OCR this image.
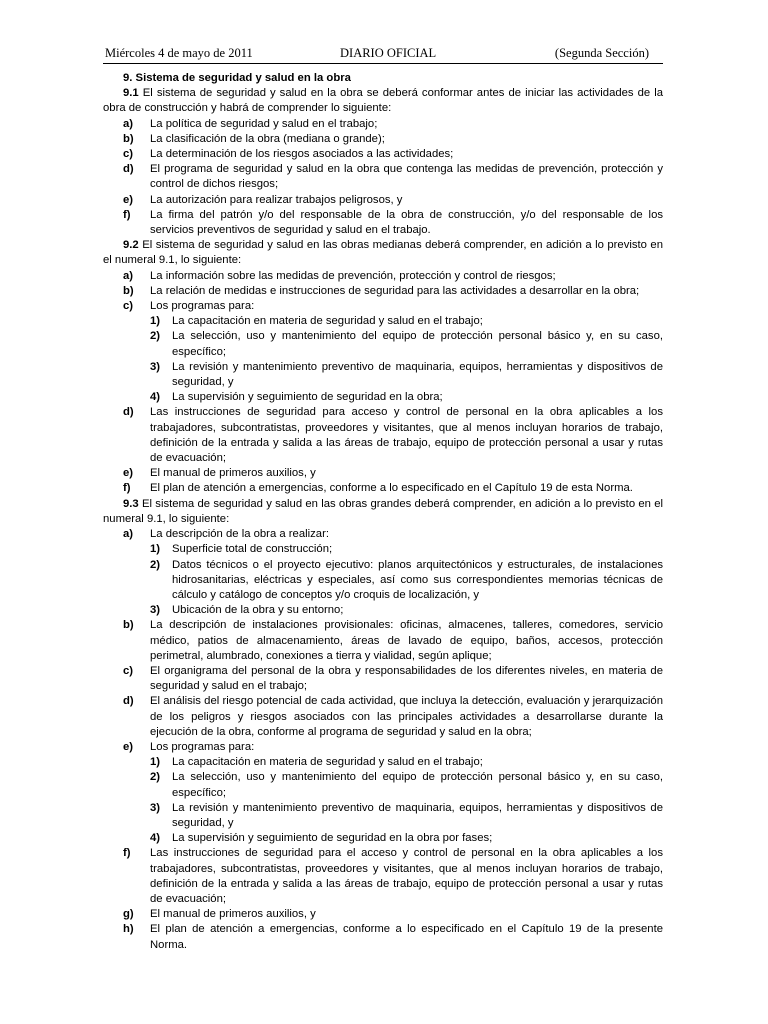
Miércoles 4 de mayo de 2011	DIARIO OFICIAL	(Segunda Sección)
9. Sistema de seguridad y salud en la obra
9.1 El sistema de seguridad y salud en la obra se deberá conformar antes de iniciar las actividades de la obra de construcción y habrá de comprender lo siguiente:
a) La política de seguridad y salud en el trabajo;
b) La clasificación de la obra (mediana o grande);
c) La determinación de los riesgos asociados a las actividades;
d) El programa de seguridad y salud en la obra que contenga las medidas de prevención, protección y control de dichos riesgos;
e) La autorización para realizar trabajos peligrosos, y
f) La firma del patrón y/o del responsable de la obra de construcción, y/o del responsable de los servicios preventivos de seguridad y salud en el trabajo.
9.2 El sistema de seguridad y salud en las obras medianas deberá comprender, en adición a lo previsto en el numeral 9.1, lo siguiente:
a) La información sobre las medidas de prevención, protección y control de riesgos;
b) La relación de medidas e instrucciones de seguridad para las actividades a desarrollar en la obra;
c) Los programas para:
1) La capacitación en materia de seguridad y salud en el trabajo;
2) La selección, uso y mantenimiento del equipo de protección personal básico y, en su caso, específico;
3) La revisión y mantenimiento preventivo de maquinaria, equipos, herramientas y dispositivos de seguridad, y
4) La supervisión y seguimiento de seguridad en la obra;
d) Las instrucciones de seguridad para acceso y control de personal en la obra aplicables a los trabajadores, subcontratistas, proveedores y visitantes, que al menos incluyan horarios de trabajo, definición de la entrada y salida a las áreas de trabajo, equipo de protección personal a usar y rutas de evacuación;
e) El manual de primeros auxilios, y
f) El plan de atención a emergencias, conforme a lo especificado en el Capítulo 19 de esta Norma.
9.3 El sistema de seguridad y salud en las obras grandes deberá comprender, en adición a lo previsto en el numeral 9.1, lo siguiente:
a) La descripción de la obra a realizar:
1) Superficie total de construcción;
2) Datos técnicos o el proyecto ejecutivo: planos arquitectónicos y estructurales, de instalaciones hidrosanitarias, eléctricas y especiales, así como sus correspondientes memorias técnicas de cálculo y catálogo de conceptos y/o croquis de localización, y
3) Ubicación de la obra y su entorno;
b) La descripción de instalaciones provisionales: oficinas, almacenes, talleres, comedores, servicio médico, patios de almacenamiento, áreas de lavado de equipo, baños, accesos, protección perimetral, alumbrado, conexiones a tierra y vialidad, según aplique;
c) El organigrama del personal de la obra y responsabilidades de los diferentes niveles, en materia de seguridad y salud en el trabajo;
d) El análisis del riesgo potencial de cada actividad, que incluya la detección, evaluación y jerarquización de los peligros y riesgos asociados con las principales actividades a desarrollarse durante la ejecución de la obra, conforme al programa de seguridad y salud en la obra;
e) Los programas para:
1) La capacitación en materia de seguridad y salud en el trabajo;
2) La selección, uso y mantenimiento del equipo de protección personal básico y, en su caso, específico;
3) La revisión y mantenimiento preventivo de maquinaria, equipos, herramientas y dispositivos de seguridad, y
4) La supervisión y seguimiento de seguridad en la obra por fases;
f) Las instrucciones de seguridad para el acceso y control de personal en la obra aplicables a los trabajadores, subcontratistas, proveedores y visitantes, que al menos incluyan horarios de trabajo, definición de la entrada y salida a las áreas de trabajo, equipo de protección personal a usar y rutas de evacuación;
g) El manual de primeros auxilios, y
h) El plan de atención a emergencias, conforme a lo especificado en el Capítulo 19 de la presente Norma.
